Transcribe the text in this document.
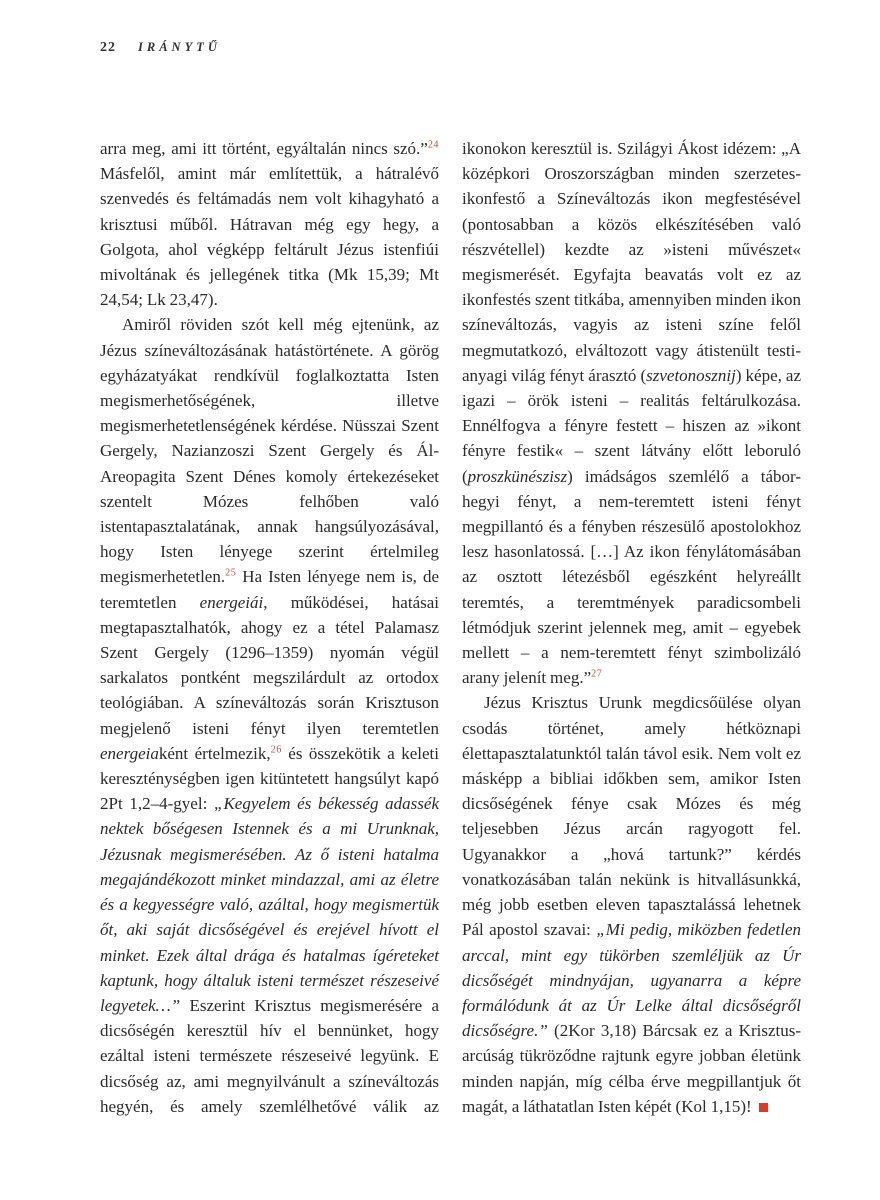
22 IRÁNYTŰ

arra meg, ami itt történt, egyáltalán nincs szó.”$^{24}$ Másfelől, amint már említettük, a hátralévő szenvedés és feltámadás nem volt kihagyható a krisztusi műből. Hátravan még egy hegy, a Golgota, ahol végképp feltárult Jézus istenfiúi mivoltának és jellegének titka (Mk 15,39; Mt 24,54; Lk 23,47).

Amiről röviden szót kell még ejtenünk, az Jézus színeváltozásának hatástörténete. A görög egyházatyákat rendkívül foglalkoztatta Isten megismerhetőségének, illetve megismerhetetlenségének kérdése. Nüsszai Szent Gergely, Nazianzoszi Szent Gergely és Ál-Areopagita Szent Dénes komoly értekezéseket szentelt Mózes felhőben való istentapasztalatának, annak hangsúlyozásával, hogy Isten lényege szerint értelmileg megismerhetetlen.$^{25}$ Ha Isten lényege nem is, de teremtetlen energeiái, működései, hatásai megtapasztalhatók, ahogy ez a tétel Palamasz Szent Gergely (1296–1359) nyomán végül sarkalatos pontként megszilárdult az ortodox teológiában. A színeváltozás során Krisztuson megjelenő isteni fényt ilyen teremtetlen energeiaként értelmezik,$^{26}$ és összekötik a keleti kereszténységben igen kitüntetett hangsúlyt kapó 2Pt 1,2–4-gyel: „Kegyelem és békesség adassék nektek bőségesen Istennek és a mi Urunknak, Jézusnak megismerésében. Az ő isteni hatalma megajándékozott minket mindazzal, ami az életre és a kegyességre való, azáltal, hogy megismertük őt, aki saját dicsőségével és erejével hívott el minket. Ezek által drága és hatalmas ígéreteket kaptunk, hogy általuk isteni természet részeseivé legyetek…” Eszerint Krisztus megismerésére a dicsőségén keresztül hív el bennünket, hogy ezáltal isteni természete részeseivé legyünk. E dicsőség az, ami megnyilvánult a színeváltozás hegyén, és amely szemlélhetővé válik az ikonokon keresztül is. Szilágyi Ákost idézem: „A középkori Oroszországban minden szerzetes-ikonfestő a Színeváltozás ikon megfestésével (pontosabban a közös elkészítésében való részvétellel) kezdte az »isteni művészet« megismerését. Egyfajta beavatás volt ez az ikonfestés szent titkába, amennyiben minden ikon színeváltozás, vagyis az isteni színe felől megmutatkozó, elváltozott vagy átistenült testi-anyagi világ fényt árasztó (szvetonosznij) képe, az igazi – örök isteni – realitás feltárulkozása. Ennélfogva a fényre festett – hiszen az »ikont fényre festik« – szent látvány előtt leboruló (proszkünészisz) imádságos szemlélő a tábor-hegyi fényt, a nem-teremtett isteni fényt megpillantó és a fényben részesülő apostolokhoz lesz hasonlatossá. […] Az ikon fénylátomásában az osztott létezésből egészként helyreállt teremtés, a teremtmények paradicsombeli létmódjuk szerint jelennek meg, amit – egyebek mellett – a nem-teremtett fényt szimbolizáló arany jelenít meg.”$^{27}$

Jézus Krisztus Urunk megdicsőülése olyan csodás történet, amely hétköznapi élettapasztalatunktól talán távol esik. Nem volt ez másképp a bibliai időkben sem, amikor Isten dicsőségének fénye csak Mózes és még teljesebben Jézus arcán ragyogott fel. Ugyanakkor a „hová tartunk?” kérdés vonatkozásában talán nekünk is hitvallásunkká, még jobb esetben eleven tapasztalássá lehetnek Pál apostol szavai: „Mi pedig, miközben fedetlen arccal, mint egy tükörben szemléljük az Úr dicsőségét mindnyájan, ugyanarra a képre formálódunk át az Úr Lelke által dicsőségről dicsőségre.” (2Kor 3,18) Bárcsak ez a Krisztus-arcúság tükröződne rajtunk egyre jobban életünk minden napján, míg célba érve megpillantjuk őt magát, a láthatatlan Isten képét (Kol 1,15)!
